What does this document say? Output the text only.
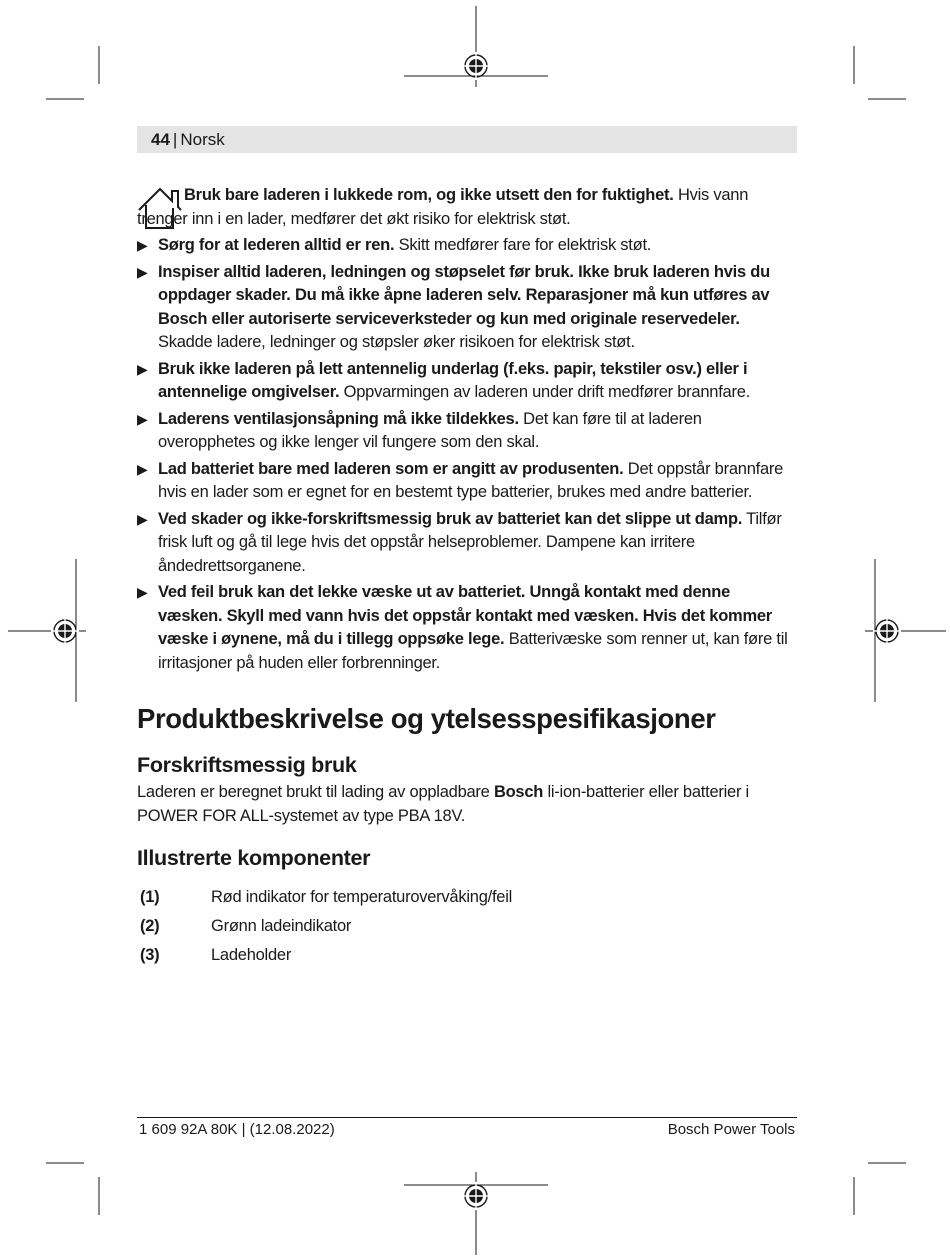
44 | Norsk

Bruk bare laderen i lukkede rom, og ikke utsett den for fuktighet. Hvis vann trenger inn i en lader, medfører det økt risiko for elektrisk støt.

▶ Sørg for at lederen alltid er ren. Skitt medfører fare for elektrisk støt.
▶ Inspiser alltid laderen, ledningen og støpselet før bruk. Ikke bruk laderen hvis du oppdager skader. Du må ikke åpne laderen selv. Reparasjoner må kun utføres av Bosch eller autoriserte serviceverksteder og kun med originale reservedeler. Skadde ladere, ledninger og støpsler øker risikoen for elektrisk støt.
▶ Bruk ikke laderen på lett antennelig underlag (f.eks. papir, tekstiler osv.) eller i antennelige omgivelser. Oppvarmingen av laderen under drift medfører brannfare.
▶ Laderens ventilasjonsåpning må ikke tildekkes. Det kan føre til at laderen overopphetes og ikke lenger vil fungere som den skal.
▶ Lad batteriet bare med laderen som er angitt av produsenten. Det oppstår brannfare hvis en lader som er egnet for en bestemt type batterier, brukes med andre batterier.
▶ Ved skader og ikke-forskriftsmessig bruk av batteriet kan det slippe ut damp. Tilfør frisk luft og gå til lege hvis det oppstår helseproblemer. Dampene kan irritere åndedrettsorganene.
▶ Ved feil bruk kan det lekke væske ut av batteriet. Unngå kontakt med denne væsken. Skyll med vann hvis det oppstår kontakt med væsken. Hvis det kommer væske i øynene, må du i tillegg oppsøke lege. Batterivæske som renner ut, kan føre til irritasjoner på huden eller forbrenninger.
Produktbeskrivelse og ytelsesspesifikasjoner
Forskriftsmessig bruk

Laderen er beregnet brukt til lading av oppladbare Bosch li-ion-batterier eller batterier i POWER FOR ALL-systemet av type PBA 18V.

Illustrerte komponenter
(1)	Rød indikator for temperaturovervåking/feil
(2)	Grønn ladeindikator
(3)	Ladeholder
1 609 92A 80K | (12.08.2022)	Bosch Power Tools
